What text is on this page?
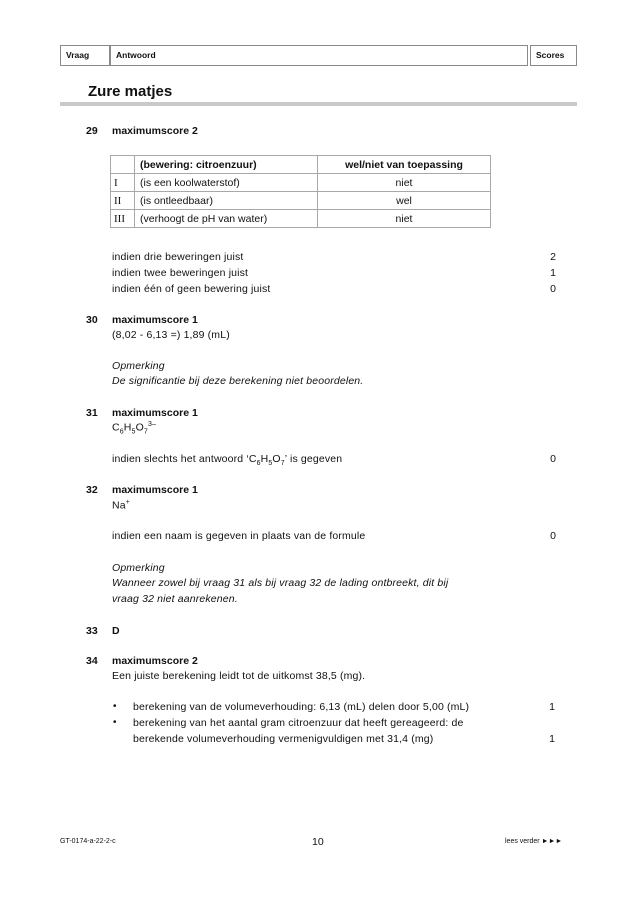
Vraag	Antwoord	Scores
Zure matjes
29 maximumscore 2
	(bewering: citroenzuur)	wel/niet van toepassing
I	(is een koolwaterstof)	niet
II	(is ontleedbaar)	wel
III	(verhoogt de pH van water)	niet
indien drie beweringen juist	2
indien twee beweringen juist	1
indien één of geen bewering juist	0
30 maximumscore 1
(8,02 - 6,13 =) 1,89 (mL)
Opmerking
De significantie bij deze berekening niet beoordelen.
31 maximumscore 1
$C_6H_5O_7^{3-}$
indien slechts het antwoord ‘$C_6H_5O_7$’ is gegeven	0
32 maximumscore 1
Na+
indien een naam is gegeven in plaats van de formule	0
Opmerking
Wanneer zowel bij vraag 31 als bij vraag 32 de lading ontbreekt, dit bij
vraag 32 niet aanrekenen.
33 D
34 maximumscore 2
Een juiste berekening leidt tot de uitkomst 38,5 (mg).
• berekening van de volumeverhouding: 6,13 (mL) delen door 5,00 (mL)	1
• berekening van het aantal gram citroenzuur dat heeft gereageerd: de
berekende volumeverhouding vermenigvuldigen met 31,4 (mg)	1
GT-0174-a-22-2-c	10	lees verder ►►►
